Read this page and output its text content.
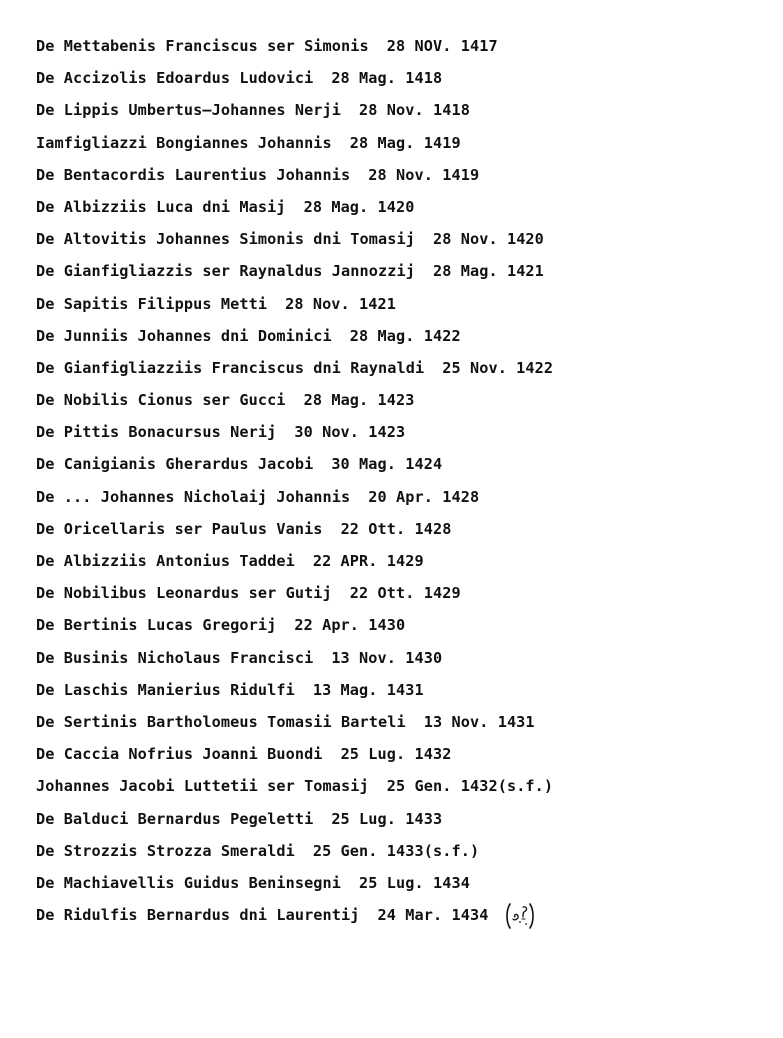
De Mettabenis Franciscus ser Simonis 28 NOV. 1417
De Accizolis Edoardus Ludovici 28 Mag. 1418
De Lippis Umbertus—Johannes Nerji 28 Nov. 1418
Iamfigliazzi Bongiannes Johannis 28 Mag. 1419
De Bentacordis Laurentius Johannis 28 Nov. 1419
De Albizziis Luca dni Masij 28 Mag. 1420
De Altovitis Johannes Simonis dni Tomasij 28 Nov. 1420
De Gianfigliazzis ser Raynaldus Jannozzij 28 Mag. 1421
De Sapitis Filippus Metti 28 Nov. 1421
De Junniis Johannes dni Dominici 28 Mag. 1422
De Gianfigliazziis Franciscus dni Raynaldi 25 Nov. 1422
De Nobilis Cionus ser Gucci 28 Mag. 1423
De Pittis Bonacursus Nerij 30 Nov. 1423
De Canigianis Gherardus Jacobi 30 Mag. 1424
De ... Johannes Nicholaij Johannis 20 Apr. 1428
De Oricellaris ser Paulus Vanis 22 Ott. 1428
De Albizziis Antonius Taddei 22 APR. 1429
De Nobilibus Leonardus ser Gutij 22 Ott. 1429
De Bertinis Lucas Gregorij 22 Apr. 1430
De Businis Nicholaus Francisci 13 Nov. 1430
De Laschis Manierius Ridulfi 13 Mag. 1431
De Sertinis Bartholomeus Tomasii Barteli 13 Nov. 1431
De Caccia Nofrius Joanni Buondi 25 Lug. 1432
Johannes Jacobi Luttetii ser Tomasij 25 Gen. 1432(s.f.)
De Balduci Bernardus Pegeletti 25 Lug. 1433
De Strozzis Strozza Smeraldi 25 Gen. 1433(s.f.)
De Machiavellis Guidus Beninsegni 25 Lug. 1434
De Ridulfis Bernardus dni Laurentij 24 Mar. 1434
